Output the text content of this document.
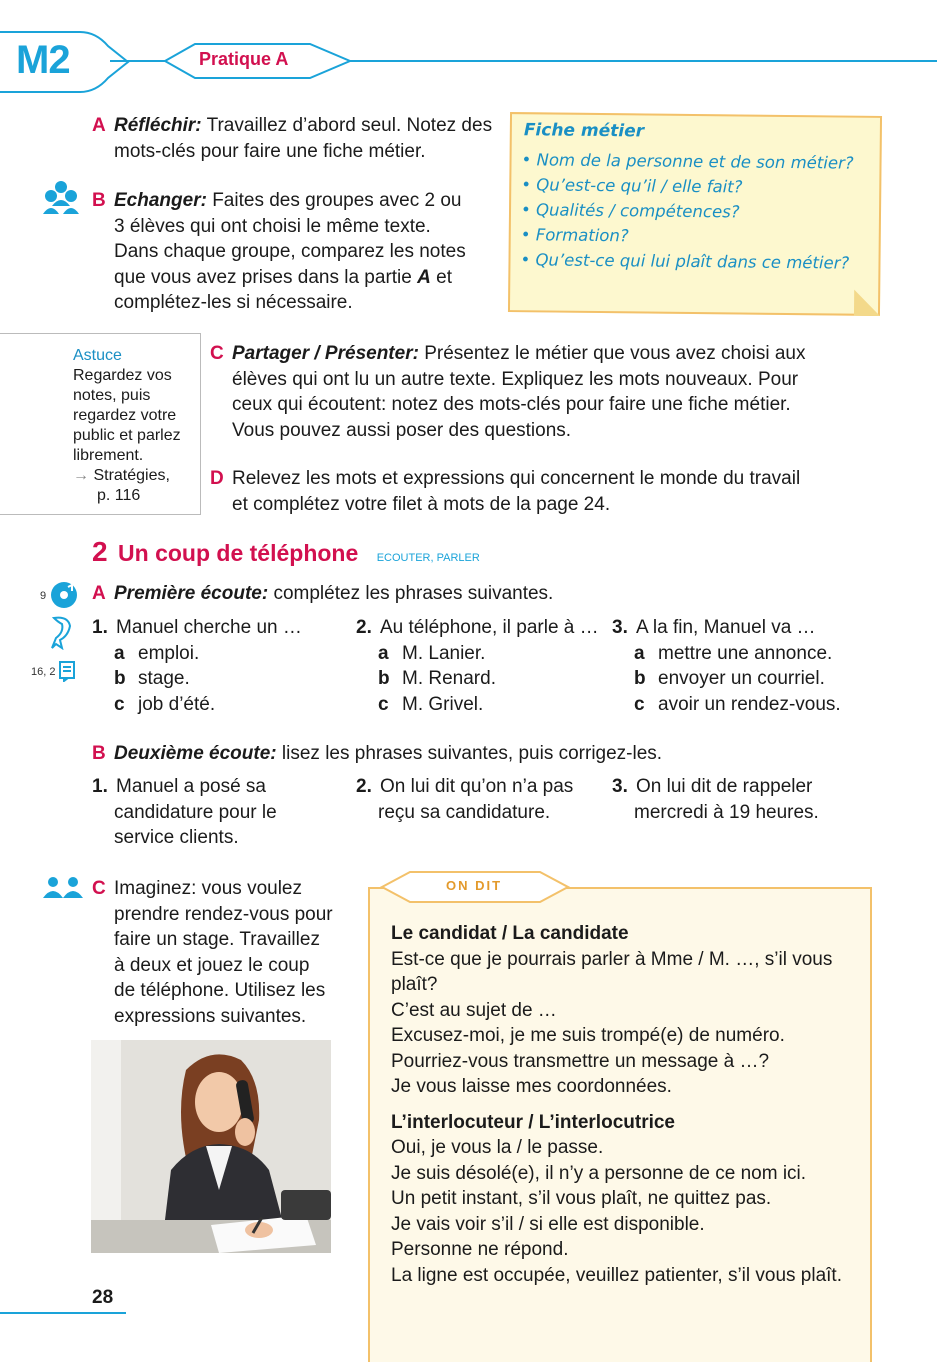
M2	Pratique A
A Réfléchir: Travaillez d’abord seul. Notez des
mots-clés pour faire une fiche métier.
B Echanger: Faites des groupes avec 2 ou
3 élèves qui ont choisi le même texte.
Dans chaque groupe, comparez les notes
que vous avez prises dans la partie A et
complétez-les si nécessaire.
Fiche métier
• Nom de la personne et de son métier?
• Qu’est-ce qu’il / elle fait?
• Qualités / compétences?
• Formation?
• Qu’est-ce qui lui plaît dans ce métier?
Astuce
Regardez vos
notes, puis
regardez votre
public et parlez
librement.
→ Stratégies,
p. 116
C Partager / Présenter: Présentez le métier que vous avez choisi aux
élèves qui ont lu un autre texte. Expliquez les mots nouveaux. Pour
ceux qui écoutent: notez des mots-clés pour faire une fiche métier.
Vous pouvez aussi poser des questions.
D Relevez les mots et expressions qui concernent le monde du travail
et complétez votre filet à mots de la page 24.
2 Un coup de téléphone ECOUTER, PARLER
9
16, 2
A Première écoute: complétez les phrases suivantes.
1. Manuel cherche un …
a emploi.
b stage.
c job d’été.
2. Au téléphone, il parle à …
a M. Lanier.
b M. Renard.
c M. Grivel.
3. A la fin, Manuel va …
a mettre une annonce.
b envoyer un courriel.
c avoir un rendez-vous.
B Deuxième écoute: lisez les phrases suivantes, puis corrigez-les.
1. Manuel a posé sa
candidature pour le
service clients.
2. On lui dit qu’on n’a pas
reçu sa candidature.
3. On lui dit de rappeler
mercredi à 19 heures.
C Imaginez: vous voulez
prendre rendez-vous pour
faire un stage. Travaillez
à deux et jouez le coup
de téléphone. Utilisez les
expressions suivantes.
ON DIT
Le candidat / La candidate
Est-ce que je pourrais parler à Mme / M. …, s’il vous
plaît?
C’est au sujet de …
Excusez-moi, je me suis trompé(e) de numéro.
Pourriez-vous transmettre un message à …?
Je vous laisse mes coordonnées.
L’interlocuteur / L’interlocutrice
Oui, je vous la / le passe.
Je suis désolé(e), il n’y a personne de ce nom ici.
Un petit instant, s’il vous plaît, ne quittez pas.
Je vais voir s’il / si elle est disponible.
Personne ne répond.
La ligne est occupée, veuillez patienter, s’il vous plaît.
28
